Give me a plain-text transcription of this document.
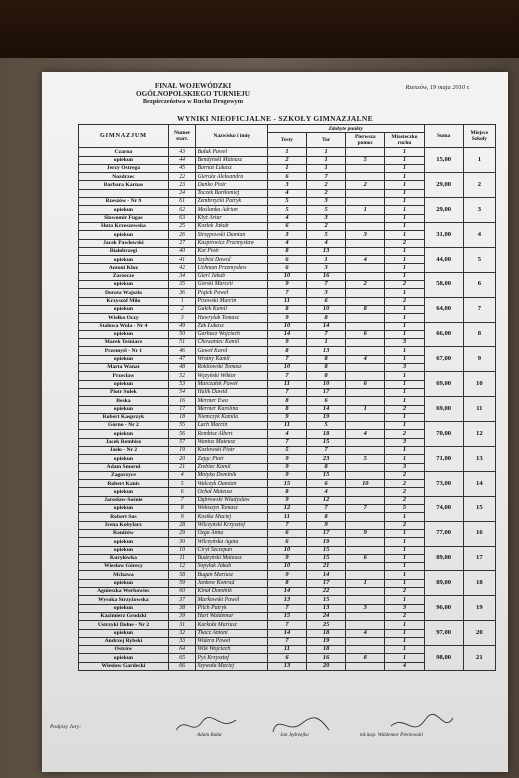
FINAŁ WOJEWÓDZKI
OGÓLNOPOLSKIEGO TURNIEJU
Bezpieczeństwa w Ruchu Drogowym
Rzeszów, 19 maja 2010 r.
WYNIKI NIEOFICJALNE - SZKOŁY GIMNAZJALNE
GIMNAZJUM	Numer start.	Nazwisko i imię	Zdobyte punkty				Suma	Miejsce Szkoły
			Testy	Tor	Pierwsza pomoc	Miasteczko ruchu		
Czarna	43	Bałuk Paweł	1	1		1	15,00	1
opiekun	44	Bendyński Mateusz	2	1	5	1		
Jerzy Ostrega	45	Barnaś Łukasz	1	1		1		
Nozdrzec	22	Gierula Aleksandra	6	7		1	29,00	2
Barbara Karnas	23	Dańko Piotr	3	2	2	1		
	24	Toczek Bartłomiej	4	2		1		
Rzeszów - Nr 9	61	Zembrzycki Patryk	5	3		1	29,00	3
opiekun	62	Maślanka Adrian	5	5	1	1		
Sławomir Fugas	63	Kłyż Artur	4	3		1		
Huta Krzeszowska	25	Kozłek Jakub	6	2		1	31,00	4
opiekun	26	Strzępowski Damian	3	5	3	1		
Jacek Pawłowski	27	Kasprowicz Przemysław	4	4		2		
Białobrzegi	40	Kot Piotr	8	13		1	44,00	5
opiekun	41	Szybist Dawid	6	1	4	1		
Antoni Kluz	42	Uchman Przemysław	6	3		1		
Zarzecze	34	Gierl Jakub	10	16		1	58,00	6
opiekun	35	Górski Marceli	9	7	2	2		
Dorota Wajszlo	36	Piątek Paweł	7	3		1		
Krzyszóf Miło	1	Pisowski Marcin	11	6		2	64,00	7
opiekun	2	Gałek Kamil	8	10	8	1		
Wiełko Oczy	3	Hawryłak Tomasz	9	8		1		
Stalowa Wola - Nr 4	49	Żak Łukasz	10	14		1	66,00	8
opiekun	50	Garbacz Wojciech	14	7	6	1		
Marek Teśniarz	51	Chowaniec Kamil	9	1		3		
Przemyśl - Nr 1	46	Gaweł Karol	8	13		1	67,00	9
opiekun	47	Wrotny Kamil	7	8	4	1		
Marta Wanat	48	Rokitowski Tomasz	10	8		3		
Przecław	52	Węzyński Wiktor	7	8		1	69,00	10
opiekun	53	Marczałek Paweł	11	10	6	1		
Piotr Sułek	54	Halik Dawid	7	17		1		
Beska	16	Mermer Ewa	8	6		1	69,00	11
opiekun	17	Mermer Karolina	8	14	1	2		
Robert Kasprzyk	18	Niemczyk Kamila	9	19		1		
Górno - Nr 2	55	Lach Marcin	11	5		1	70,00	12
opiekun	56	Rembisz Albert	4	18	4	2		
Jacek Rembisz	57	Wantus Mateusz	7	15		3		
Jasło - Nr 2	19	Kozłowski Piotr	5	7		1	71,00	13
opiekun	20	Zając Piotr	9	23	5	1		
Adam Smorul	21	Żrebiec Kamil	9	8		3		
Zagorzyce	4	Motyka Dominik	9	15		2	73,00	14
Robert Kanis	5	Walczyk Damian	15	6	10	2		
opiekun	6	Ochał Mateusz	8	4		2		
Jarosław-Sośnie	7	Dąbrowski Władysław	9	12		2	74,00	15
opiekun	8	Wołoszyn Tomasz	12	7	7	5		
Robert Sus	9	Kostka Maciej	11	8		1		
Irena Kobylarz	28	Wilczyński Krzysztof	7	9		2	77,00	16
Raniżów	29	Ozga Anna	6	17	9	1		
opiekun	30	Wilczyńska Agata	6	19		1		
opiekun	10	Ciryt Szczepan	10	15		1	89,00	17
Kuryłówka	11	Budzyński Mateusz	9	15	6	1		
Wiesław Górecy	12	Sopyłak Jakub	10	21		1		
Mchawa	58	Bugan Mariusz	9	14		1	89,00	18
opiekun	59	Jankow Konrad	8	17	1	1		
Agnieszka Werbowiec	60	Kinał Dominik	14	22		2		
Wysoka Strzyżowska	37	Markowski Paweł	13	15		1	96,00	19
opiekun	38	Pilch Patryk	7	13	3	3		
Kazimierz Grodzki	39	Hart Waldemar	15	24		2		
Ustrzyki Dolne - Nr 2	31	Kurkuła Mariusz	7	25		1	97,00	20
opiekun	32	Tkacz Antoni	14	18	4	1		
Andrzej Rybski	33	Widera Paweł	7	19		1		
Ostrów	64	Wilk Wojciech	11	18		1	98,00	21
opiekun	65	Pyś Krzysztof	6	16	8	1		
Wiesław Gardecki	66	Szywała Maciej	13	20		4		
Podpisy Jury:
Adam Bałut	Jan Jędrzejko	mł.insp. Waldemar Pieniowski
